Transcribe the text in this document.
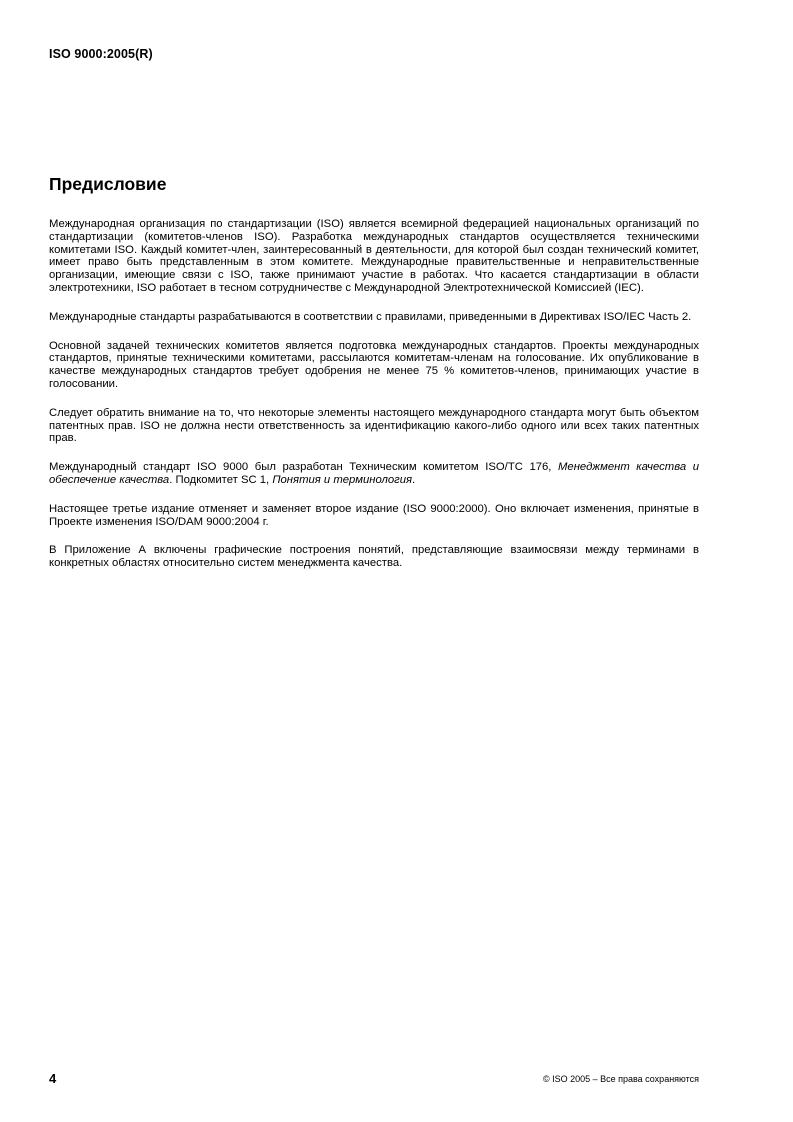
ISO 9000:2005(R)
Предисловие

Международная организация по стандартизации (ISO) является всемирной федерацией национальных организаций по стандартизации (комитетов-членов ISO). Разработка международных стандартов осуществляется техническими комитетами ISO. Каждый комитет-член, заинтересованный в деятельности, для которой был создан технический комитет, имеет право быть представленным в этом комитете. Международные правительственные и неправительственные организации, имеющие связи с ISO, также принимают участие в работах. Что касается стандартизации в области электротехники, ISO работает в тесном сотрудничестве с Международной Электротехнической Комиссией (IEC).

Международные стандарты разрабатываются в соответствии с правилами, приведенными в Директивах ISO/IEC Часть 2.

Основной задачей технических комитетов является подготовка международных стандартов. Проекты международных стандартов, принятые техническими комитетами, рассылаются комитетам-членам на голосование. Их опубликование в качестве международных стандартов требует одобрения не менее 75 % комитетов-членов, принимающих участие в голосовании.

Следует обратить внимание на то, что некоторые элементы настоящего международного стандарта могут быть объектом патентных прав. ISO не должна нести ответственность за идентификацию какого-либо одного или всех таких патентных прав.

Международный стандарт ISO 9000 был разработан Техническим комитетом ISO/TC 176, Менеджмент качества и обеспечение качества. Подкомитет SC 1, Понятия и терминология.

Настоящее третье издание отменяет и заменяет второе издание (ISO 9000:2000). Оно включает изменения, принятые в Проекте изменения ISO/DAM 9000:2004 г.

В Приложение А включены графические построения понятий, представляющие взаимосвязи между терминами в конкретных областях относительно систем менеджмента качества.

4	© ISO 2005 – Все права сохраняются
